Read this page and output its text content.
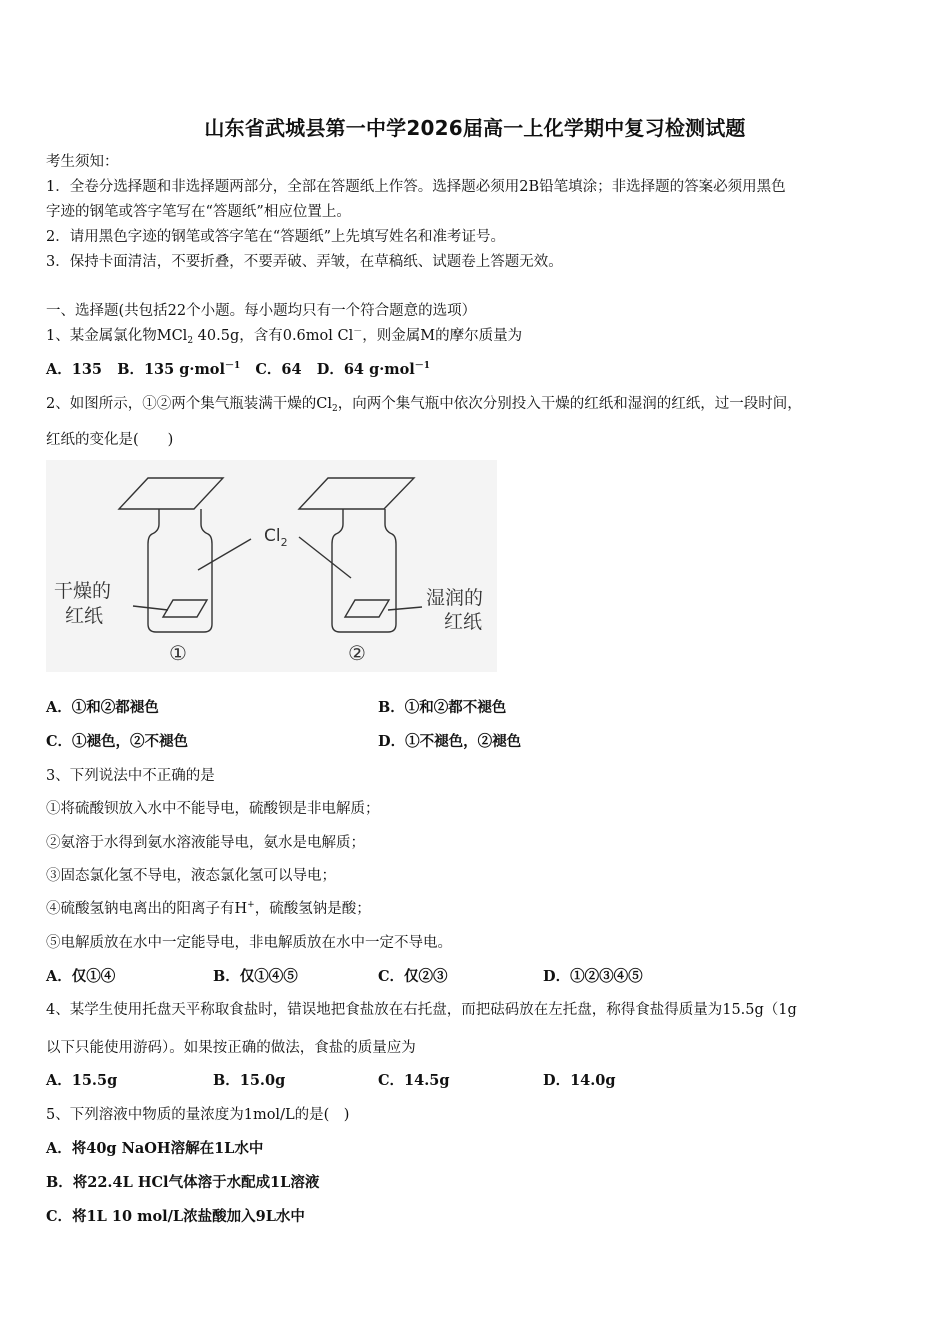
山东省武城县第一中学2026届高一上化学期中复习检测试题
考生须知：
1．全卷分选择题和非选择题两部分，全部在答题纸上作答。选择题必须用2B铅笔填涂；非选择题的答案必须用黑色
字迹的钢笔或答字笔写在“答题纸”相应位置上。
2．请用黑色字迹的钢笔或答字笔在“答题纸”上先填写姓名和准考证号。
3．保持卡面清洁，不要折叠，不要弄破、弄皱，在草稿纸、试题卷上答题无效。
一、选择题(共包括22个小题。每小题均只有一个符合题意的选项）
1、某金属氯化物MCl$_2$ 40.5g，含有0.6mol Cl－，则金属M的摩尔质量为
A．135 B．135 g·mol$^{-1}$ C．64 D．64 g·mol$^{-1}$
2、如图所示，①②两个集气瓶装满干燥的$Cl_2$，向两个集气瓶中依次分别投入干燥的红纸和湿润的红纸，过一段时间，
红纸的变化是(　　)
$Cl_2$
干燥的
红纸
湿润的
红纸
①	②
A．①和②都褪色	B．①和②都不褪色
C．①褪色，②不褪色	D．①不褪色，②褪色
3、下列说法中不正确的是
①将硫酸钡放入水中不能导电，硫酸钡是非电解质；
②氨溶于水得到氨水溶液能导电，氨水是电解质；
③固态氯化氢不导电，液态氯化氢可以导电；
④硫酸氢钠电离出的阳离子有H+，硫酸氢钠是酸；
⑤电解质放在水中一定能导电，非电解质放在水中一定不导电。
A．仅①④	B．仅①④⑤	C．仅②③	D．①②③④⑤
4、某学生使用托盘天平称取食盐时，错误地把食盐放在右托盘，而把砝码放在左托盘，称得食盐得质量为15.5g（1g
以下只能使用游码）。如果按正确的做法，食盐的质量应为
A．15.5g	B．15.0g	C．14.5g	D．14.0g
5、下列溶液中物质的量浓度为1mol/L的是(　)
A．将40g NaOH溶解在1L水中
B．将22.4L HCl气体溶于水配成1L溶液
C．将1L 10 mol/L浓盐酸加入9L水中
